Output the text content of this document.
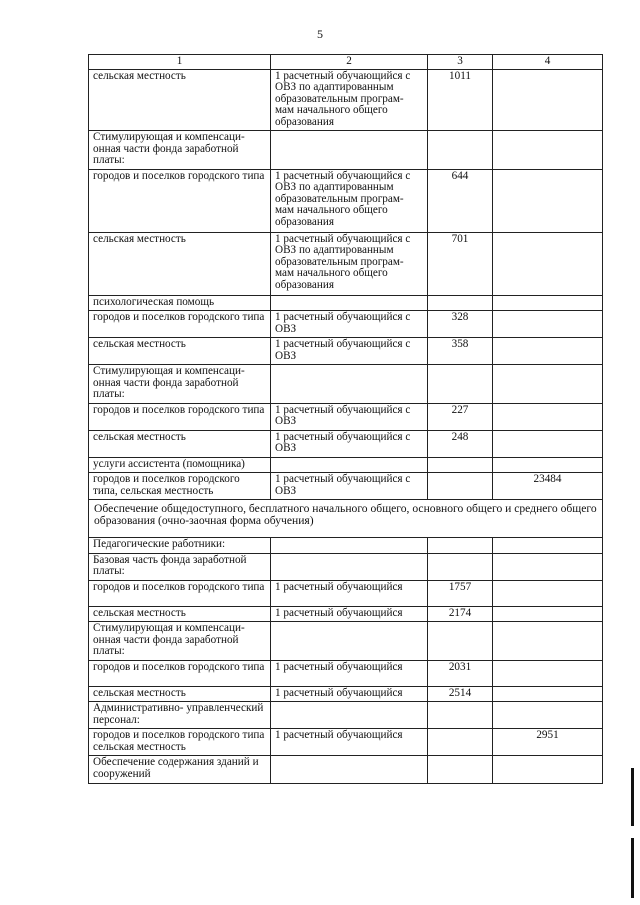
5
1	2	3	4
сельская местность	1 расчетный обучающийся с ОВЗ по адаптированным образовательным програм- мам начального общего образования	1011	
Стимулирующая и компенсаци- онная части фонда заработной платы:			
городов и поселков городского типа	1 расчетный обучающийся с ОВЗ по адаптированным образовательным програм- мам начального общего образования	644	
сельская местность	1 расчетный обучающийся с ОВЗ по адаптированным образовательным програм- мам начального общего образования	701	
психологическая помощь			
городов и поселков городского типа	1 расчетный обучающийся с ОВЗ	328	
сельская местность	1 расчетный обучающийся с ОВЗ	358	
Стимулирующая и компенсаци- онная части фонда заработной платы:			
городов и поселков городского типа	1 расчетный обучающийся с ОВЗ	227	
сельская местность	1 расчетный обучающийся с ОВЗ	248	
услуги ассистента (помощника)			
городов и поселков городского типа, сельская местность	1 расчетный обучающийся с ОВЗ		23484
Обеспечение общедоступного, бесплатного начального общего, основного общего и среднего общего образования (очно-заочная форма обучения)			
Педагогические работники:			
Базовая часть фонда заработной платы:			
городов и поселков городского типа	1 расчетный обучающийся	1757	
сельская местность	1 расчетный обучающийся	2174	
Стимулирующая и компенсаци- онная части фонда заработной платы:			
городов и поселков городского типа	1 расчетный обучающийся	2031	
сельская местность	1 расчетный обучающийся	2514	
Административно- управленческий персонал:			
городов и поселков городского типа сельская местность	1 расчетный обучающийся		2951
Обеспечение содержания зданий и сооружений			
